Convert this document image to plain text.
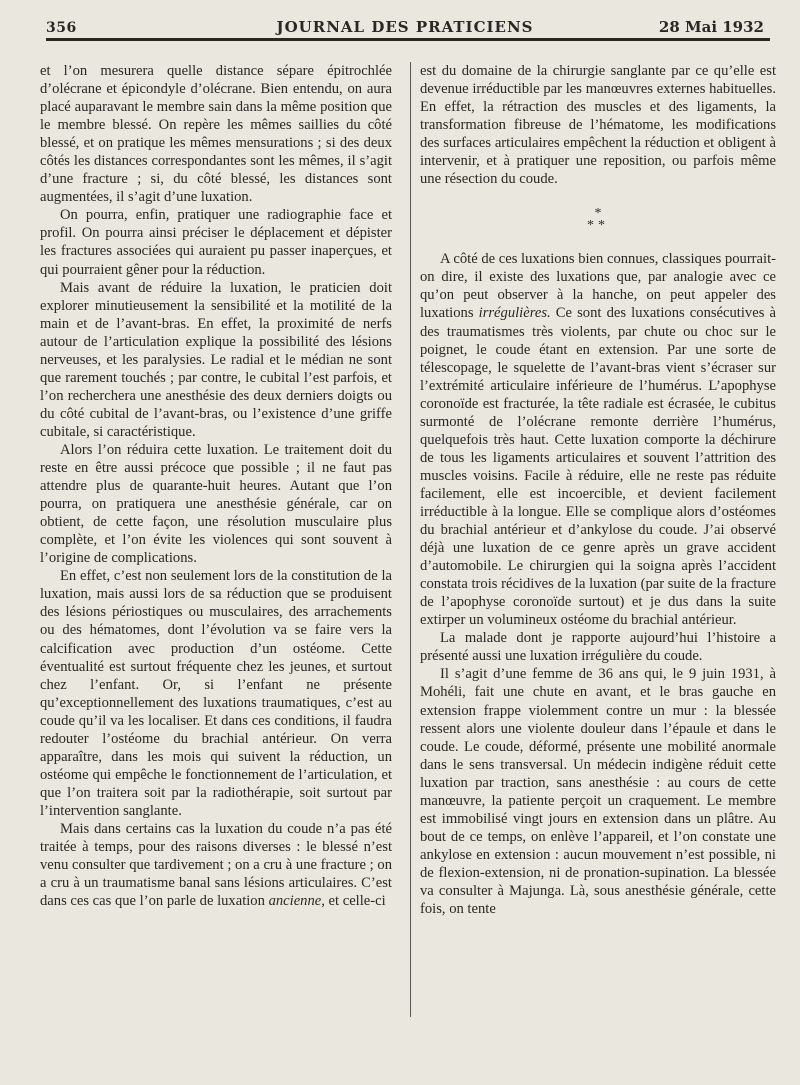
356	JOURNAL DES PRATICIENS	28 Mai 1932

et l’on mesurera quelle distance sépare épitrochlée d’olécrane et épicondyle d’olécrane. Bien entendu, on aura placé auparavant le membre sain dans la même position que le membre blessé. On repère les mêmes saillies du côté blessé, et on pratique les mêmes mensurations ; si des deux côtés les distances correspondantes sont les mêmes, il s’agit d’une fracture ; si, du côté blessé, les distances sont augmentées, il s’agit d’une luxation.

On pourra, enfin, pratiquer une radiographie face et profil. On pourra ainsi préciser le déplacement et dépister les fractures associées qui auraient pu passer inaperçues, et qui pourraient gêner pour la réduction.

Mais avant de réduire la luxation, le praticien doit explorer minutieusement la sensibilité et la motilité de la main et de l’avant-bras. En effet, la proximité de nerfs autour de l’articulation explique la possibilité des lésions nerveuses, et les paralysies. Le radial et le médian ne sont que rarement touchés ; par contre, le cubital l’est parfois, et l’on recherchera une anesthésie des deux derniers doigts ou du côté cubital de l’avant-bras, ou l’existence d’une griffe cubitale, si caractéristique.

Alors l’on réduira cette luxation. Le traitement doit du reste en être aussi précoce que possible ; il ne faut pas attendre plus de quarante-huit heures. Autant que l’on pourra, on pratiquera une anesthésie générale, car on obtient, de cette façon, une résolution musculaire plus complète, et l’on évite les violences qui sont souvent à l’origine de complications.

En effet, c’est non seulement lors de la constitution de la luxation, mais aussi lors de sa réduction que se produisent des lésions périostiques ou musculaires, des arrachements ou des hématomes, dont l’évolution va se faire vers la calcification avec production d’un ostéome. Cette éventualité est surtout fréquente chez les jeunes, et surtout chez l’enfant. Or, si l’enfant ne présente qu’exceptionnellement des luxations traumatiques, c’est au coude qu’il va les localiser. Et dans ces conditions, il faudra redouter l’ostéome du brachial antérieur. On verra apparaître, dans les mois qui suivent la réduction, un ostéome qui empêche le fonctionnement de l’articulation, et que l’on traitera soit par la radiothérapie, soit surtout par l’intervention sanglante.

Mais dans certains cas la luxation du coude n’a pas été traitée à temps, pour des raisons diverses : le blessé n’est venu consulter que tardivement ; on a cru à une fracture ; on a cru à un traumatisme banal sans lésions articulaires. C’est dans ces cas que l’on parle de luxation ancienne, et celle-ci

est du domaine de la chirurgie sanglante par ce qu’elle est devenue irréductible par les manœuvres externes habituelles. En effet, la rétraction des muscles et des ligaments, la transformation fibreuse de l’hématome, les modifications des surfaces articulaires empêchent la réduction et obligent à intervenir, et à pratiquer une reposition, ou parfois même une résection du coude.

*
**

A côté de ces luxations bien connues, classiques pourrait-on dire, il existe des luxations que, par analogie avec ce qu’on peut observer à la hanche, on peut appeler des luxations irrégulières. Ce sont des luxations consécutives à des traumatismes très violents, par chute ou choc sur le poignet, le coude étant en extension. Par une sorte de télescopage, le squelette de l’avant-bras vient s’écraser sur l’extrémité articulaire inférieure de l’humérus. L’apophyse coronoïde est fracturée, la tête radiale est écrasée, le cubitus surmonté de l’olécrane remonte derrière l’humérus, quelquefois très haut. Cette luxation comporte la déchirure de tous les ligaments articulaires et souvent l’attrition des muscles voisins. Facile à réduire, elle ne reste pas réduite facilement, elle est incoercible, et devient facilement irréductible à la longue. Elle se complique alors d’ostéomes du brachial antérieur et d’ankylose du coude. J’ai observé déjà une luxation de ce genre après un grave accident d’automobile. Le chirurgien qui la soigna après l’accident constata trois récidives de la luxation (par suite de la fracture de l’apophyse coronoïde surtout) et je dus dans la suite extirper un volumineux ostéome du brachial antérieur.

La malade dont je rapporte aujourd’hui l’histoire a présenté aussi une luxation irrégulière du coude.

Il s’agit d’une femme de 36 ans qui, le 9 juin 1931, à Mohéli, fait une chute en avant, et le bras gauche en extension frappe violemment contre un mur : la blessée ressent alors une violente douleur dans l’épaule et dans le coude. Le coude, déformé, présente une mobilité anormale dans le sens transversal. Un médecin indigène réduit cette luxation par traction, sans anesthésie : au cours de cette manœuvre, la patiente perçoit un craquement. Le membre est immobilisé vingt jours en extension dans un plâtre. Au bout de ce temps, on enlève l’appareil, et l’on constate une ankylose en extension : aucun mouvement n’est possible, ni de flexion-extension, ni de pronation-supination. La blessée va consulter à Majunga. Là, sous anesthésie générale, cette fois, on tente
